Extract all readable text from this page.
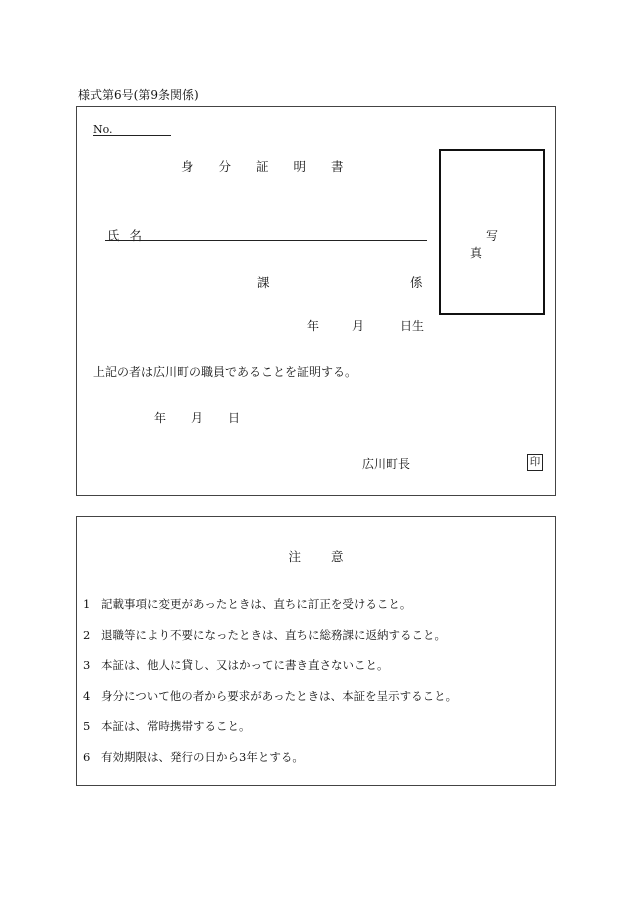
様式第6号(第9条関係)
No.
身分証明書
氏名
課	係
年	月	日生
上記の者は広川町の職員であることを証明する。
年 月 日
広川町長	印
写真
注意
1 記載事項に変更があったときは、直ちに訂正を受けること。
2 退職等により不要になったときは、直ちに総務課に返納すること。
3 本証は、他人に貸し、又はかってに書き直さないこと。
4 身分について他の者から要求があったときは、本証を呈示すること。
5 本証は、常時携帯すること。
6 有効期限は、発行の日から3年とする。
